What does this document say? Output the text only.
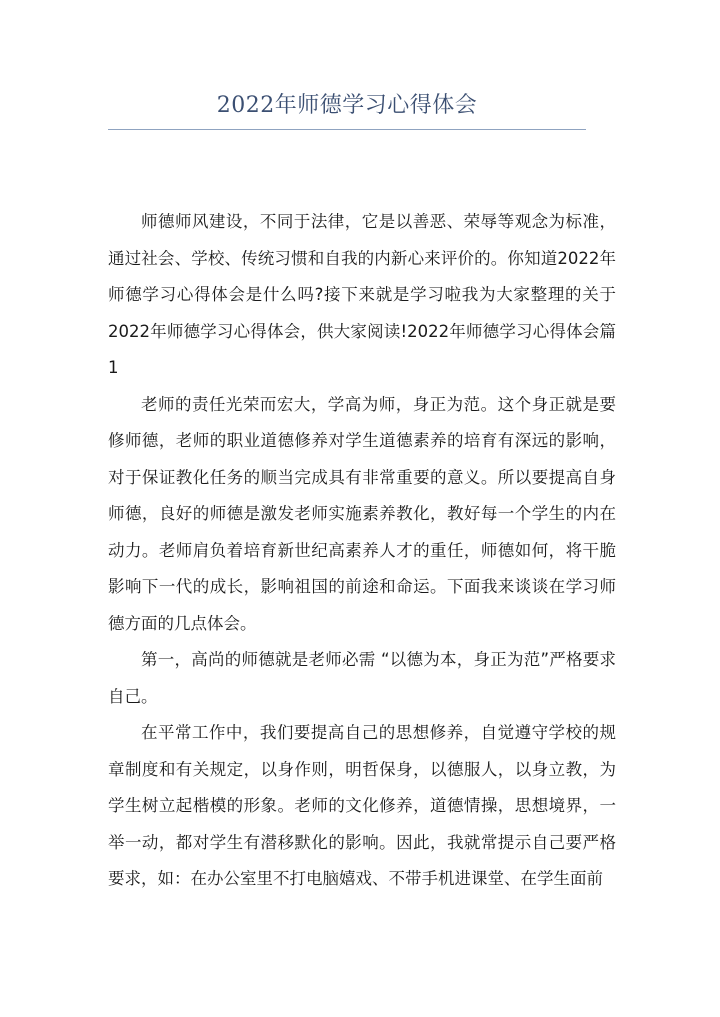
2022年师德学习心得体会

师德师风建设，不同于法律，它是以善恶、荣辱等观念为标准，通过社会、学校、传统习惯和自我的内新心来评价的。你知道2022年师德学习心得体会是什么吗?接下来就是学习啦我为大家整理的关于2022年师德学习心得体会，供大家阅读!2022年师德学习心得体会篇1

老师的责任光荣而宏大，学高为师，身正为范。这个身正就是要修师德，老师的职业道德修养对学生道德素养的培育有深远的影响，对于保证教化任务的顺当完成具有非常重要的意义。所以要提高自身师德，良好的师德是激发老师实施素养教化，教好每一个学生的内在动力。老师肩负着培育新世纪高素养人才的重任，师德如何，将干脆影响下一代的成长，影响祖国的前途和命运。下面我来谈谈在学习师德方面的几点体会。

第一，高尚的师德就是老师必需 “以德为本，身正为范”严格要求自己。

在平常工作中，我们要提高自己的思想修养，自觉遵守学校的规章制度和有关规定，以身作则，明哲保身，以德服人，以身立教，为学生树立起楷模的形象。老师的文化修养，道德情操，思想境界，一举一动，都对学生有潜移默化的影响。因此，我就常提示自己要严格要求，如：在办公室里不打电脑嬉戏、不带手机进课堂、在学生面前
